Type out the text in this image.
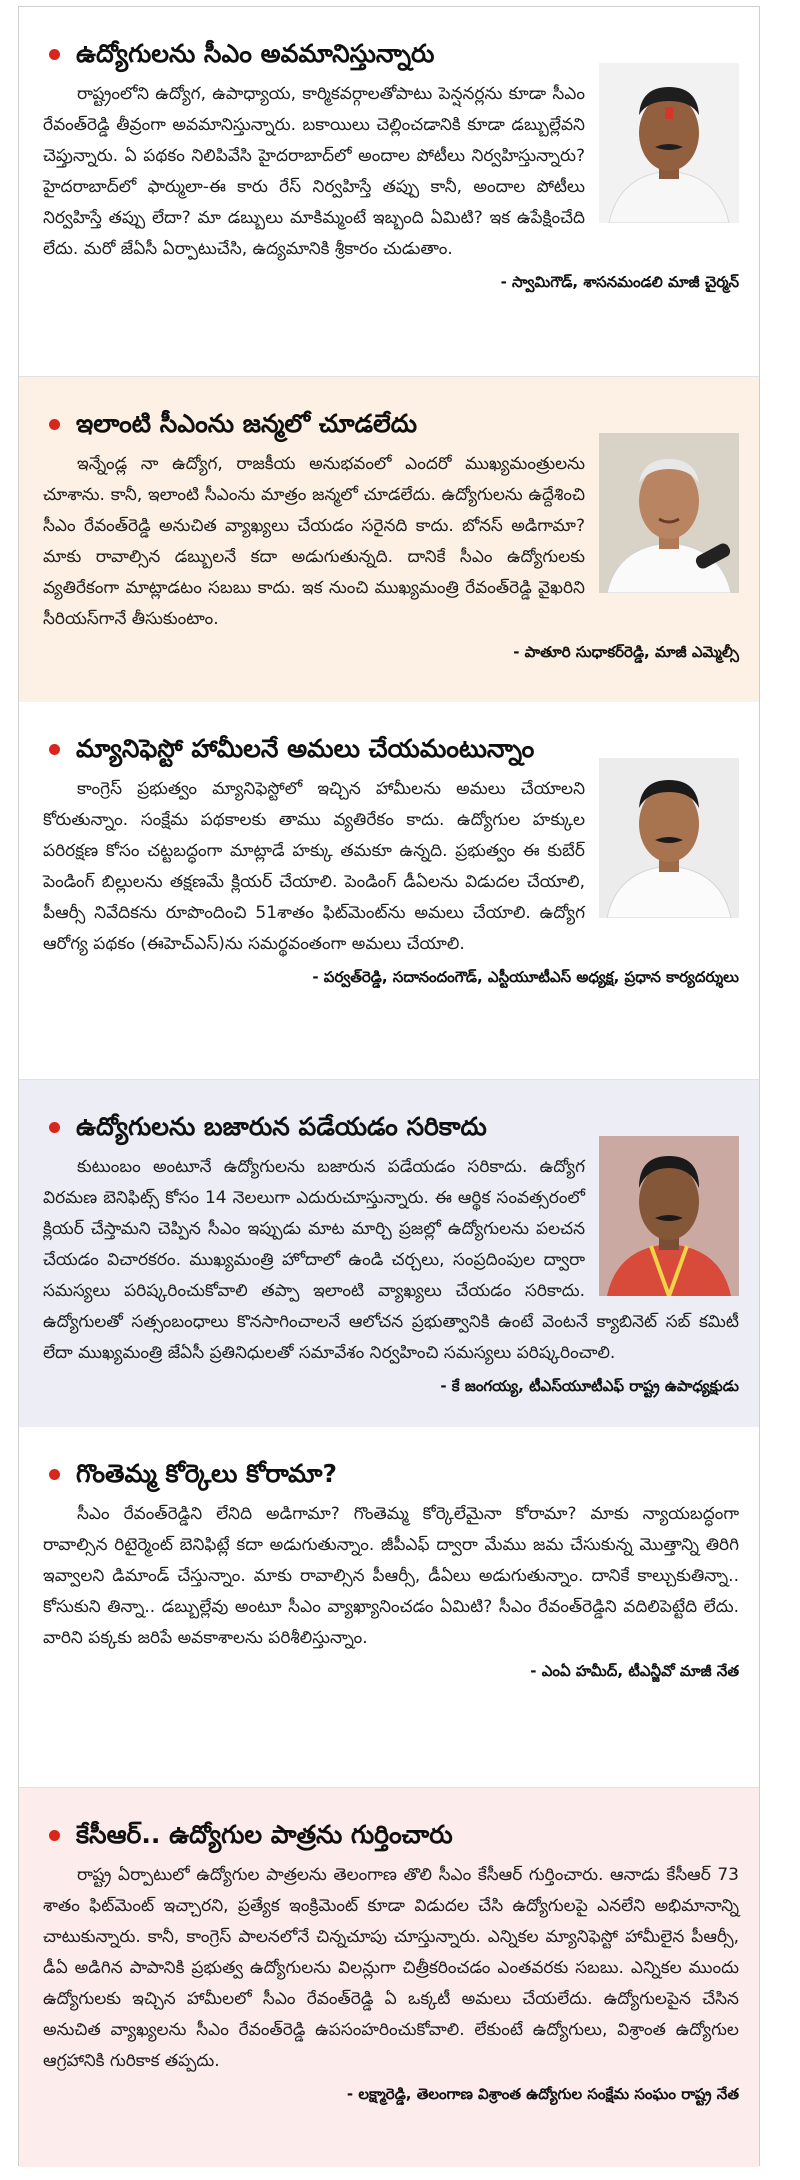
ఉద్యోగులను సీఎం అవమానిస్తున్నారు
రాష్ట్రంలోని ఉద్యోగ, ఉపాధ్యాయ, కార్మికవర్గాలతోపాటు పెన్షనర్లను కూడా సీఎం రేవంత్‌రెడ్డి తీవ్రంగా అవమానిస్తున్నారు. బకాయిలు చెల్లించడానికి కూడా డబ్బుల్లేవని చెప్తున్నారు. ఏ పథకం నిలిపివేసి హైదరాబాద్‌లో అందాల పోటీలు నిర్వహిస్తున్నారు? హైదరాబాద్‌లో ఫార్ములా-ఈ కారు రేస్ నిర్వహిస్తే తప్పు కానీ, అందాల పోటీలు నిర్వహిస్తే తప్పు లేదా? మా డబ్బులు మాకిమ్మంటే ఇబ్బంది ఏమిటి? ఇక ఉపేక్షించేది లేదు. మరో జేఏసీ ఏర్పాటుచేసి, ఉద్యమానికి శ్రీకారం చుడుతాం.
- స్వామిగౌడ్, శాసనమండలి మాజీ చైర్మన్
ఇలాంటి సీఎంను జన్మలో చూడలేదు
ఇన్నేండ్ల నా ఉద్యోగ, రాజకీయ అనుభవంలో ఎందరో ముఖ్యమంత్రులను చూశాను. కానీ, ఇలాంటి సీఎంను మాత్రం జన్మలో చూడలేదు. ఉద్యోగులను ఉద్దేశించి సీఎం రేవంత్‌రెడ్డి అనుచిత వ్యాఖ్యలు చేయడం సరైనది కాదు. బోనస్ అడిగామా? మాకు రావాల్సిన డబ్బులనే కదా అడుగుతున్నది. దానికే సీఎం ఉద్యోగులకు వ్యతిరేకంగా మాట్లాడటం సబబు కాదు. ఇక నుంచి ముఖ్యమంత్రి రేవంత్‌రెడ్డి వైఖరిని సీరియస్‌గానే తీసుకుంటాం.
- పాతూరి సుధాకర్‌రెడ్డి, మాజీ ఎమ్మెల్సీ
మ్యానిఫెస్టో హామీలనే అమలు చేయమంటున్నాం
కాంగ్రెస్ ప్రభుత్వం మ్యానిఫెస్టోలో ఇచ్చిన హామీలను అమలు చేయాలని కోరుతున్నాం. సంక్షేమ పథకాలకు తాము వ్యతిరేకం కాదు. ఉద్యోగుల హక్కుల పరిరక్షణ కోసం చట్టబద్ధంగా మాట్లాడే హక్కు తమకూ ఉన్నది. ప్రభుత్వం ఈ కుబేర్ పెండింగ్ బిల్లులను తక్షణమే క్లియర్ చేయాలి. పెండింగ్ డీఏలను విడుదల చేయాలి, పీఆర్సీ నివేదికను రూపొందించి 51శాతం ఫిట్‌మెంట్‌ను అమలు చేయాలి. ఉద్యోగ ఆరోగ్య పథకం (ఈహెచ్‌ఎస్)ను సమర్థవంతంగా అమలు చేయాలి.
- పర్వత్‌రెడ్డి, సదానందంగౌడ్, ఎస్టీయూటీఎస్ అధ్యక్ష, ప్రధాన కార్యదర్శులు
ఉద్యోగులను బజారున పడేయడం సరికాదు
కుటుంబం అంటూనే ఉద్యోగులను బజారున పడేయడం సరికాదు. ఉద్యోగ విరమణ బెనిఫిట్స్ కోసం 14 నెలలుగా ఎదురుచూస్తున్నారు. ఈ ఆర్థిక సంవత్సరంలో క్లియర్ చేస్తామని చెప్పిన సీఎం ఇప్పుడు మాట మార్చి ప్రజల్లో ఉద్యోగులను పలచన చేయడం విచారకరం. ముఖ్యమంత్రి హోదాలో ఉండి చర్చలు, సంప్రదింపుల ద్వారా సమస్యలు పరిష్కరించుకోవాలి తప్పా ఇలాంటి వ్యాఖ్యలు చేయడం సరికాదు. ఉద్యోగులతో సత్సంబంధాలు కొనసాగించాలనే ఆలోచన ప్రభుత్వానికి ఉంటే వెంటనే క్యాబినెట్ సబ్ కమిటీ లేదా ముఖ్యమంత్రి జేఏసీ ప్రతినిధులతో సమావేశం నిర్వహించి సమస్యలు పరిష్కరించాలి.
- కే జంగయ్య, టీఎస్‌యూటీఎఫ్ రాష్ట్ర ఉపాధ్యక్షుడు
గొంతెమ్మ కోర్కెలు కోరామా?
సీఎం రేవంత్‌రెడ్డిని లేనిది అడిగామా? గొంతెమ్మ కోర్కెలేమైనా కోరామా? మాకు న్యాయబద్ధంగా రావాల్సిన రిటైర్మెంట్ బెనిఫిట్లే కదా అడుగుతున్నాం. జీపీఎఫ్ ద్వారా మేము జమ చేసుకున్న మొత్తాన్ని తిరిగి ఇవ్వాలని డిమాండ్ చేస్తున్నాం. మాకు రావాల్సిన పీఆర్సీ, డీఏలు అడుగుతున్నాం. దానికే కాల్చుకుతిన్నా.. కోసుకుని తిన్నా.. డబ్బుల్లేవు అంటూ సీఎం వ్యాఖ్యానించడం ఏమిటి? సీఎం రేవంత్‌రెడ్డిని వదిలిపెట్టేది లేదు. వారిని పక్కకు జరిపే అవకాశాలను పరిశీలిస్తున్నాం.
- ఎంఏ హమీద్, టీఎన్జీవో మాజీ నేత
కేసీఆర్.. ఉద్యోగుల పాత్రను గుర్తించారు
రాష్ట్ర ఏర్పాటులో ఉద్యోగుల పాత్రలను తెలంగాణ తొలి సీఎం కేసీఆర్ గుర్తించారు. ఆనాడు కేసీఆర్ 73 శాతం ఫిట్‌మెంట్ ఇచ్చారని, ప్రత్యేక ఇంక్రిమెంట్ కూడా విడుదల చేసి ఉద్యోగులపై ఎనలేని అభిమానాన్ని చాటుకున్నారు. కానీ, కాంగ్రెస్ పాలనలోనే చిన్నచూపు చూస్తున్నారు. ఎన్నికల మ్యానిఫెస్టో హామీలైన పీఆర్సీ, డీఏ అడిగిన పాపానికి ప్రభుత్వ ఉద్యోగులను విలన్లుగా చిత్రీకరించడం ఎంతవరకు సబబు. ఎన్నికల ముందు ఉద్యోగులకు ఇచ్చిన హామీలలో సీఎం రేవంత్‌రెడ్డి ఏ ఒక్కటీ అమలు చేయలేదు. ఉద్యోగులపైన చేసిన అనుచిత వ్యాఖ్యలను సీఎం రేవంత్‌రెడ్డి ఉపసంహరించుకోవాలి. లేకుంటే ఉద్యోగులు, విశ్రాంత ఉద్యోగుల ఆగ్రహానికి గురికాక తప్పదు.
- లక్ష్మారెడ్డి, తెలంగాణ విశ్రాంత ఉద్యోగుల సంక్షేమ సంఘం రాష్ట్ర నేత
